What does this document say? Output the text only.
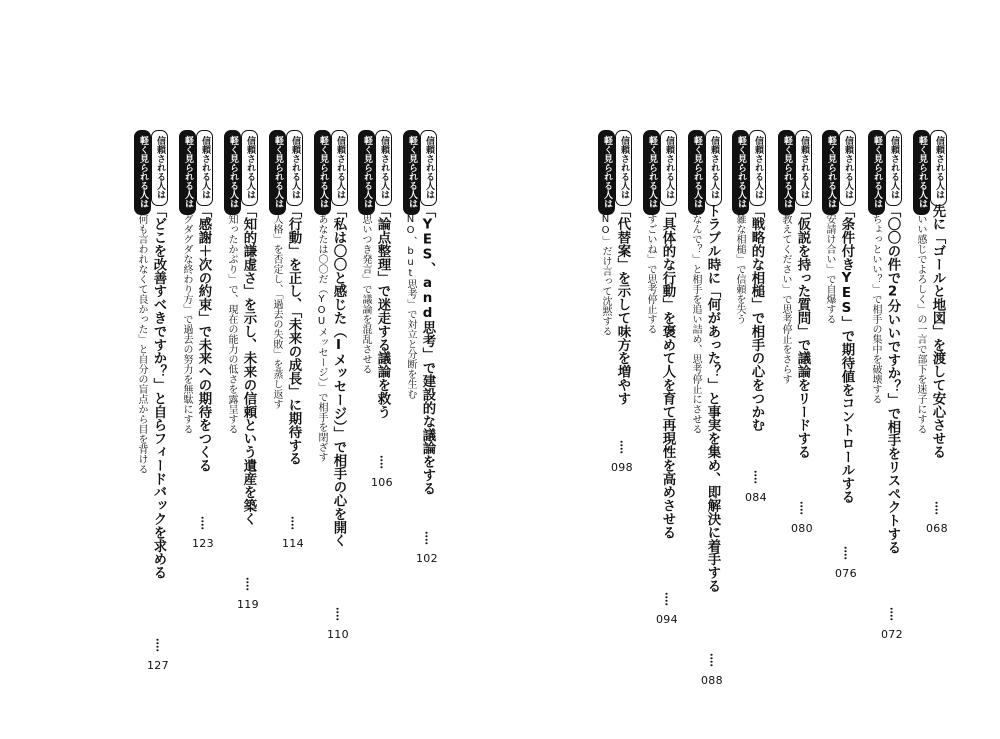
信頼される人は
軽く見られる人は
先に「ゴールと地図」を渡して安心させる
「いい感じでよろしく」の一言で部下を迷子にする
068
信頼される人は
軽く見られる人は
「〇〇の件で2分いいですか？」で相手をリスペクトする
「ちょっといい？」で相手の集中を破壊する
072
信頼される人は
軽く見られる人は
「条件付きYES」で期待値をコントロールする
「安請け合い」で自爆する
076
信頼される人は
軽く見られる人は
「仮説を持った質問」で議論をリードする
「教えてください」で思考停止をさらす
080
信頼される人は
軽く見られる人は
「戦略的な相槌」で相手の心をつかむ
「雑な相槌」で信頼を失う
084
信頼される人は
軽く見られる人は
トラブル時に「何があった？」と事実を集め、即解決に着手する
「なんで？」と相手を追い詰め、思考停止にさせる
088
信頼される人は
軽く見られる人は
「具体的な行動」を褒めて人を育て再現性を高めさせる
「すごいね」で思考停止する
094
信頼される人は
軽く見られる人は
「代替案」を示して味方を増やす
「NO」だけ言って沈黙する
098
信頼される人は
軽く見られる人は
「YES、and思考」で建設的な議論をする
「NO、but思考」で対立と分断を生む
102
信頼される人は
軽く見られる人は
「論点整理」で迷走する議論を救う
「思いつき発言」で議論を混乱させる
106
信頼される人は
軽く見られる人は
「私は〇〇と感じた（Iメッセージ）」で相手の心を開く
「あなたは〇〇だ（YOUメッセージ）」で相手を閉ざす
110
信頼される人は
軽く見られる人は
「行動」を正し、「未来の成長」に期待する
「人格」を否定し、「過去の失敗」を蒸し返す
114
信頼される人は
軽く見られる人は
「知的謙虚さ」を示し、未来の信頼という遺産を築く
「知ったかぶり」で、現在の能力の低さを露呈する
119
信頼される人は
軽く見られる人は
「感謝＋次の約束」で未来への期待をつくる
「グダグダな終わり方」で過去の努力を無駄にする
123
信頼される人は
軽く見られる人は
「どこを改善すべきですか？」と自らフィードバックを求める
「何も言われなくて良かった」と自分の盲点から目を背ける
127
